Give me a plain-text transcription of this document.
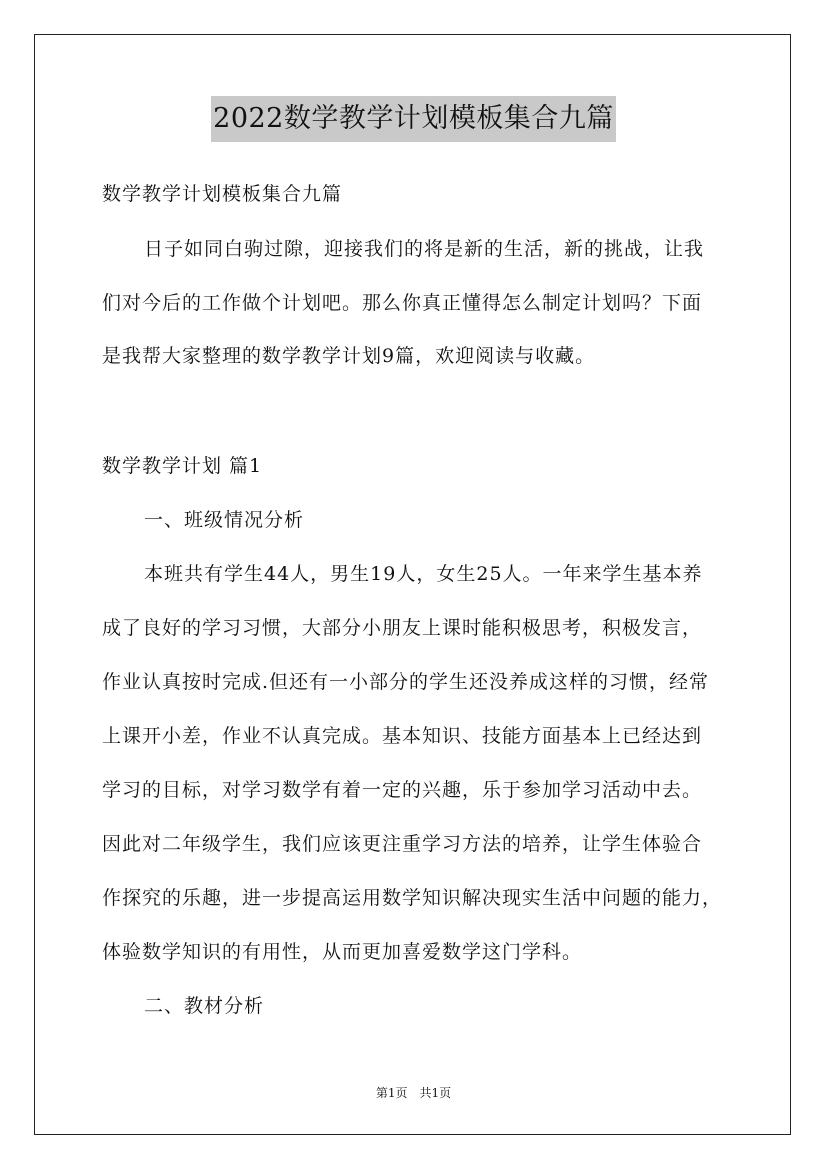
2022数学教学计划模板集合九篇
数学教学计划模板集合九篇
日子如同白驹过隙，迎接我们的将是新的生活，新的挑战，让我
们对今后的工作做个计划吧。那么你真正懂得怎么制定计划吗？下面
是我帮大家整理的数学教学计划9篇，欢迎阅读与收藏。
数学教学计划 篇1
一、班级情况分析
本班共有学生44人，男生19人，女生25人。一年来学生基本养
成了良好的学习习惯，大部分小朋友上课时能积极思考，积极发言，
作业认真按时完成.但还有一小部分的学生还没养成这样的习惯，经常
上课开小差，作业不认真完成。基本知识、技能方面基本上已经达到
学习的目标，对学习数学有着一定的兴趣，乐于参加学习活动中去。
因此对二年级学生，我们应该更注重学习方法的培养，让学生体验合
作探究的乐趣，进一步提高运用数学知识解决现实生活中问题的能力，
体验数学知识的有用性，从而更加喜爱数学这门学科。
二、教材分析
第1页　共1页
